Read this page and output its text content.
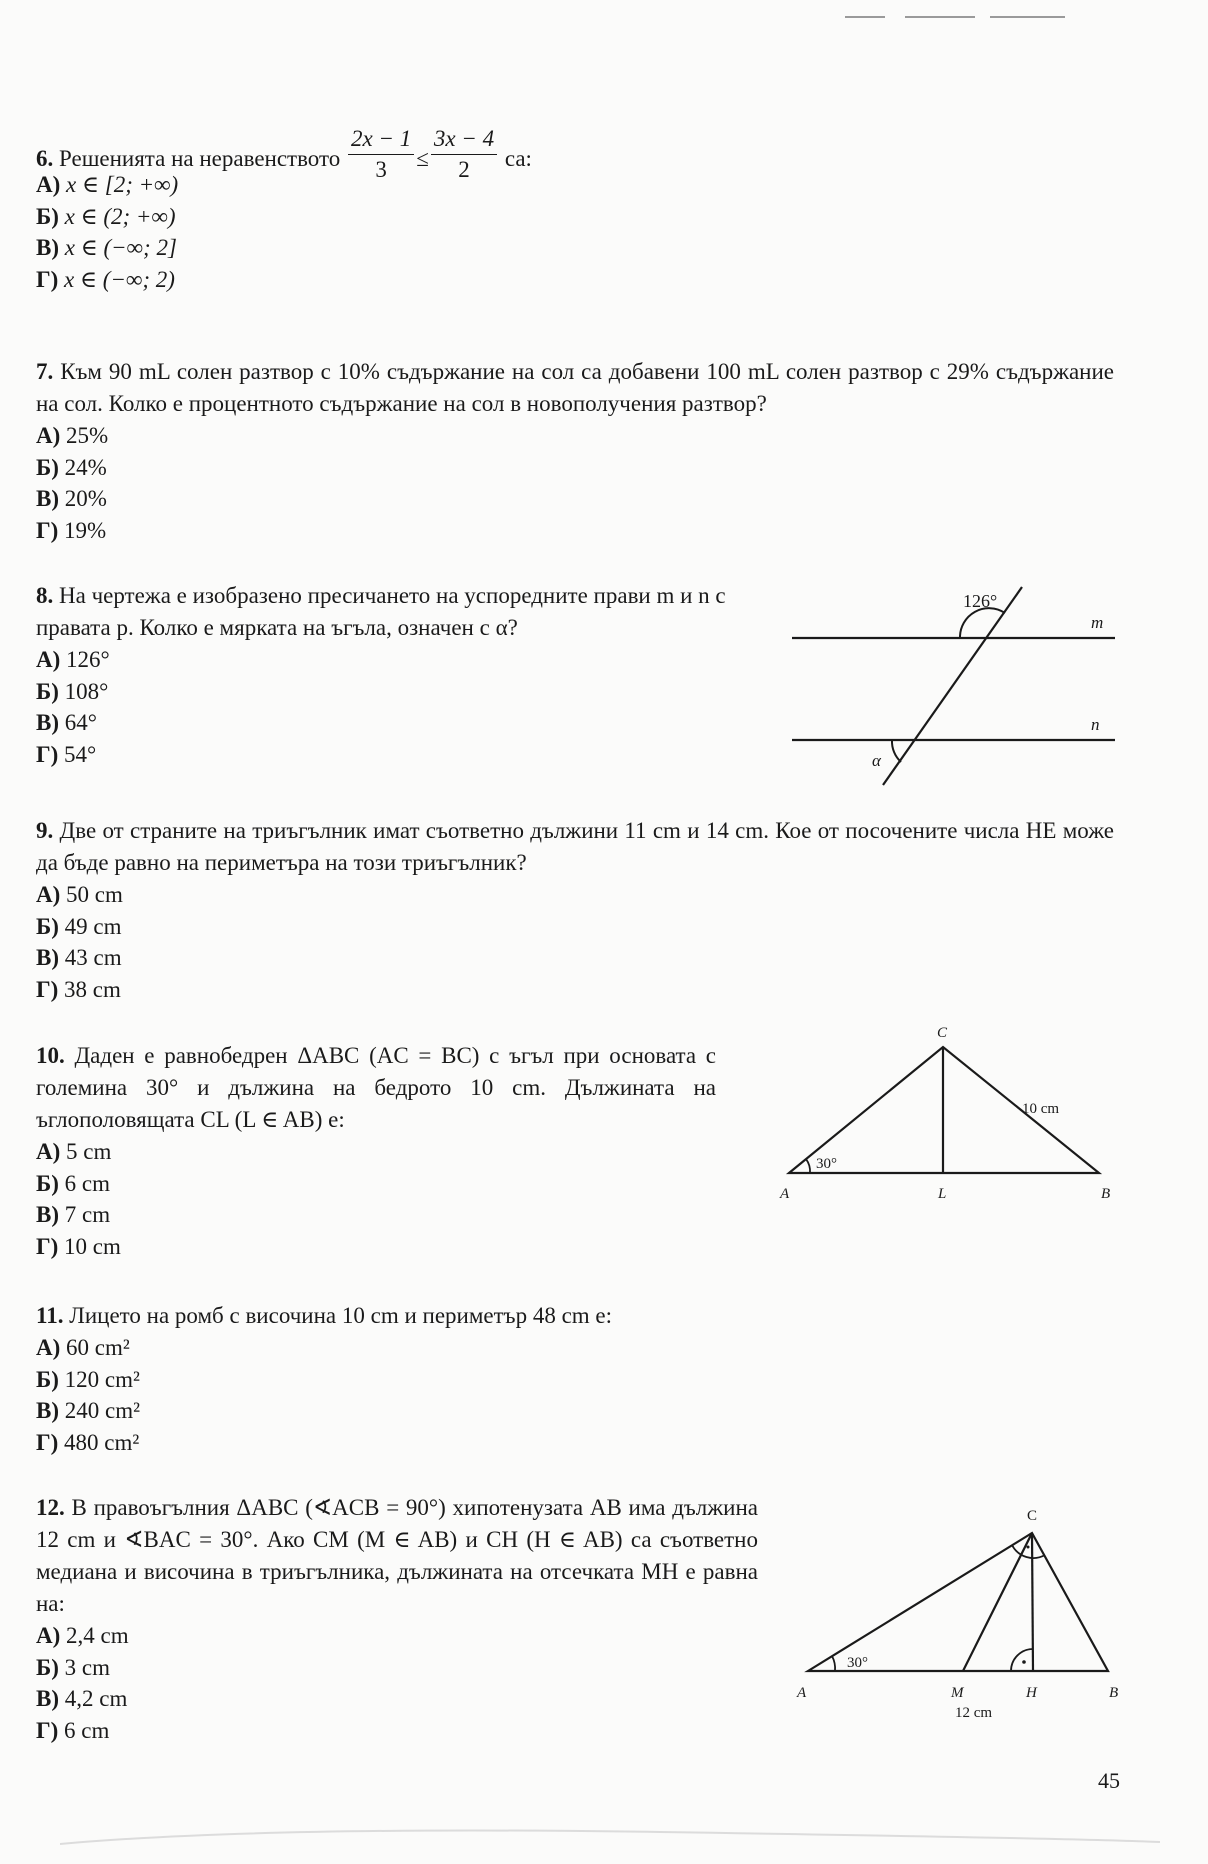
6. Решенията на неравенството $\frac{2x - 1}{3} \le \frac{3x - 4}{2}$ са:

А) x ∈ [2; +∞)
Б) x ∈ (2; +∞)
В) x ∈ (−∞; 2]
Г) x ∈ (−∞; 2)

7. Към 90 mL солен разтвор с 10% съдържание на сол са добавени 100 mL солен разтвор с 29% съдържание на сол. Колко е процентното съдържание на сол в новополучения разтвор?

А) 25%
Б) 24%
В) 20%
Г) 19%

8. На чертежа е изобразено пресичането на успоредните прави m и n с правата p. Колко е мярката на ъгъла, означен с α?

А) 126°
Б) 108°
В) 64°
Г) 54°
126°
m
n
α

9. Две от страните на триъгълник имат съответно дължини 11 cm и 14 cm. Кое от посочените числа НЕ може да бъде равно на периметъра на този триъгълник?

А) 50 cm
Б) 49 cm
В) 43 cm
Г) 38 cm

10. Даден е равнобедрен ΔABC (AC = BC) с ъгъл при основата с големина 30° и дължина на бедрото 10 cm. Дължината на ъглополовящата CL (L ∈ AB) е:

А) 5 cm
Б) 6 cm
В) 7 cm
Г) 10 cm
C
A	L	B
30°
10 cm

11. Лицето на ромб с височина 10 cm и периметър 48 cm е:

А) 60 cm²
Б) 120 cm²
В) 240 cm²
Г) 480 cm²

12. В правоъгълния ΔABC (∢ACB = 90°) хипотенузата AB има дължина 12 cm и ∢BAC = 30°. Ако CM (M ∈ AB) и CH (H ∈ AB) са съответно медиана и височина в триъгълника, дължината на отсечката MH е равна на:

А) 2,4 cm
Б) 3 cm
В) 4,2 cm
Г) 6 cm
C
A	M	H	B
30°
12 cm
45
